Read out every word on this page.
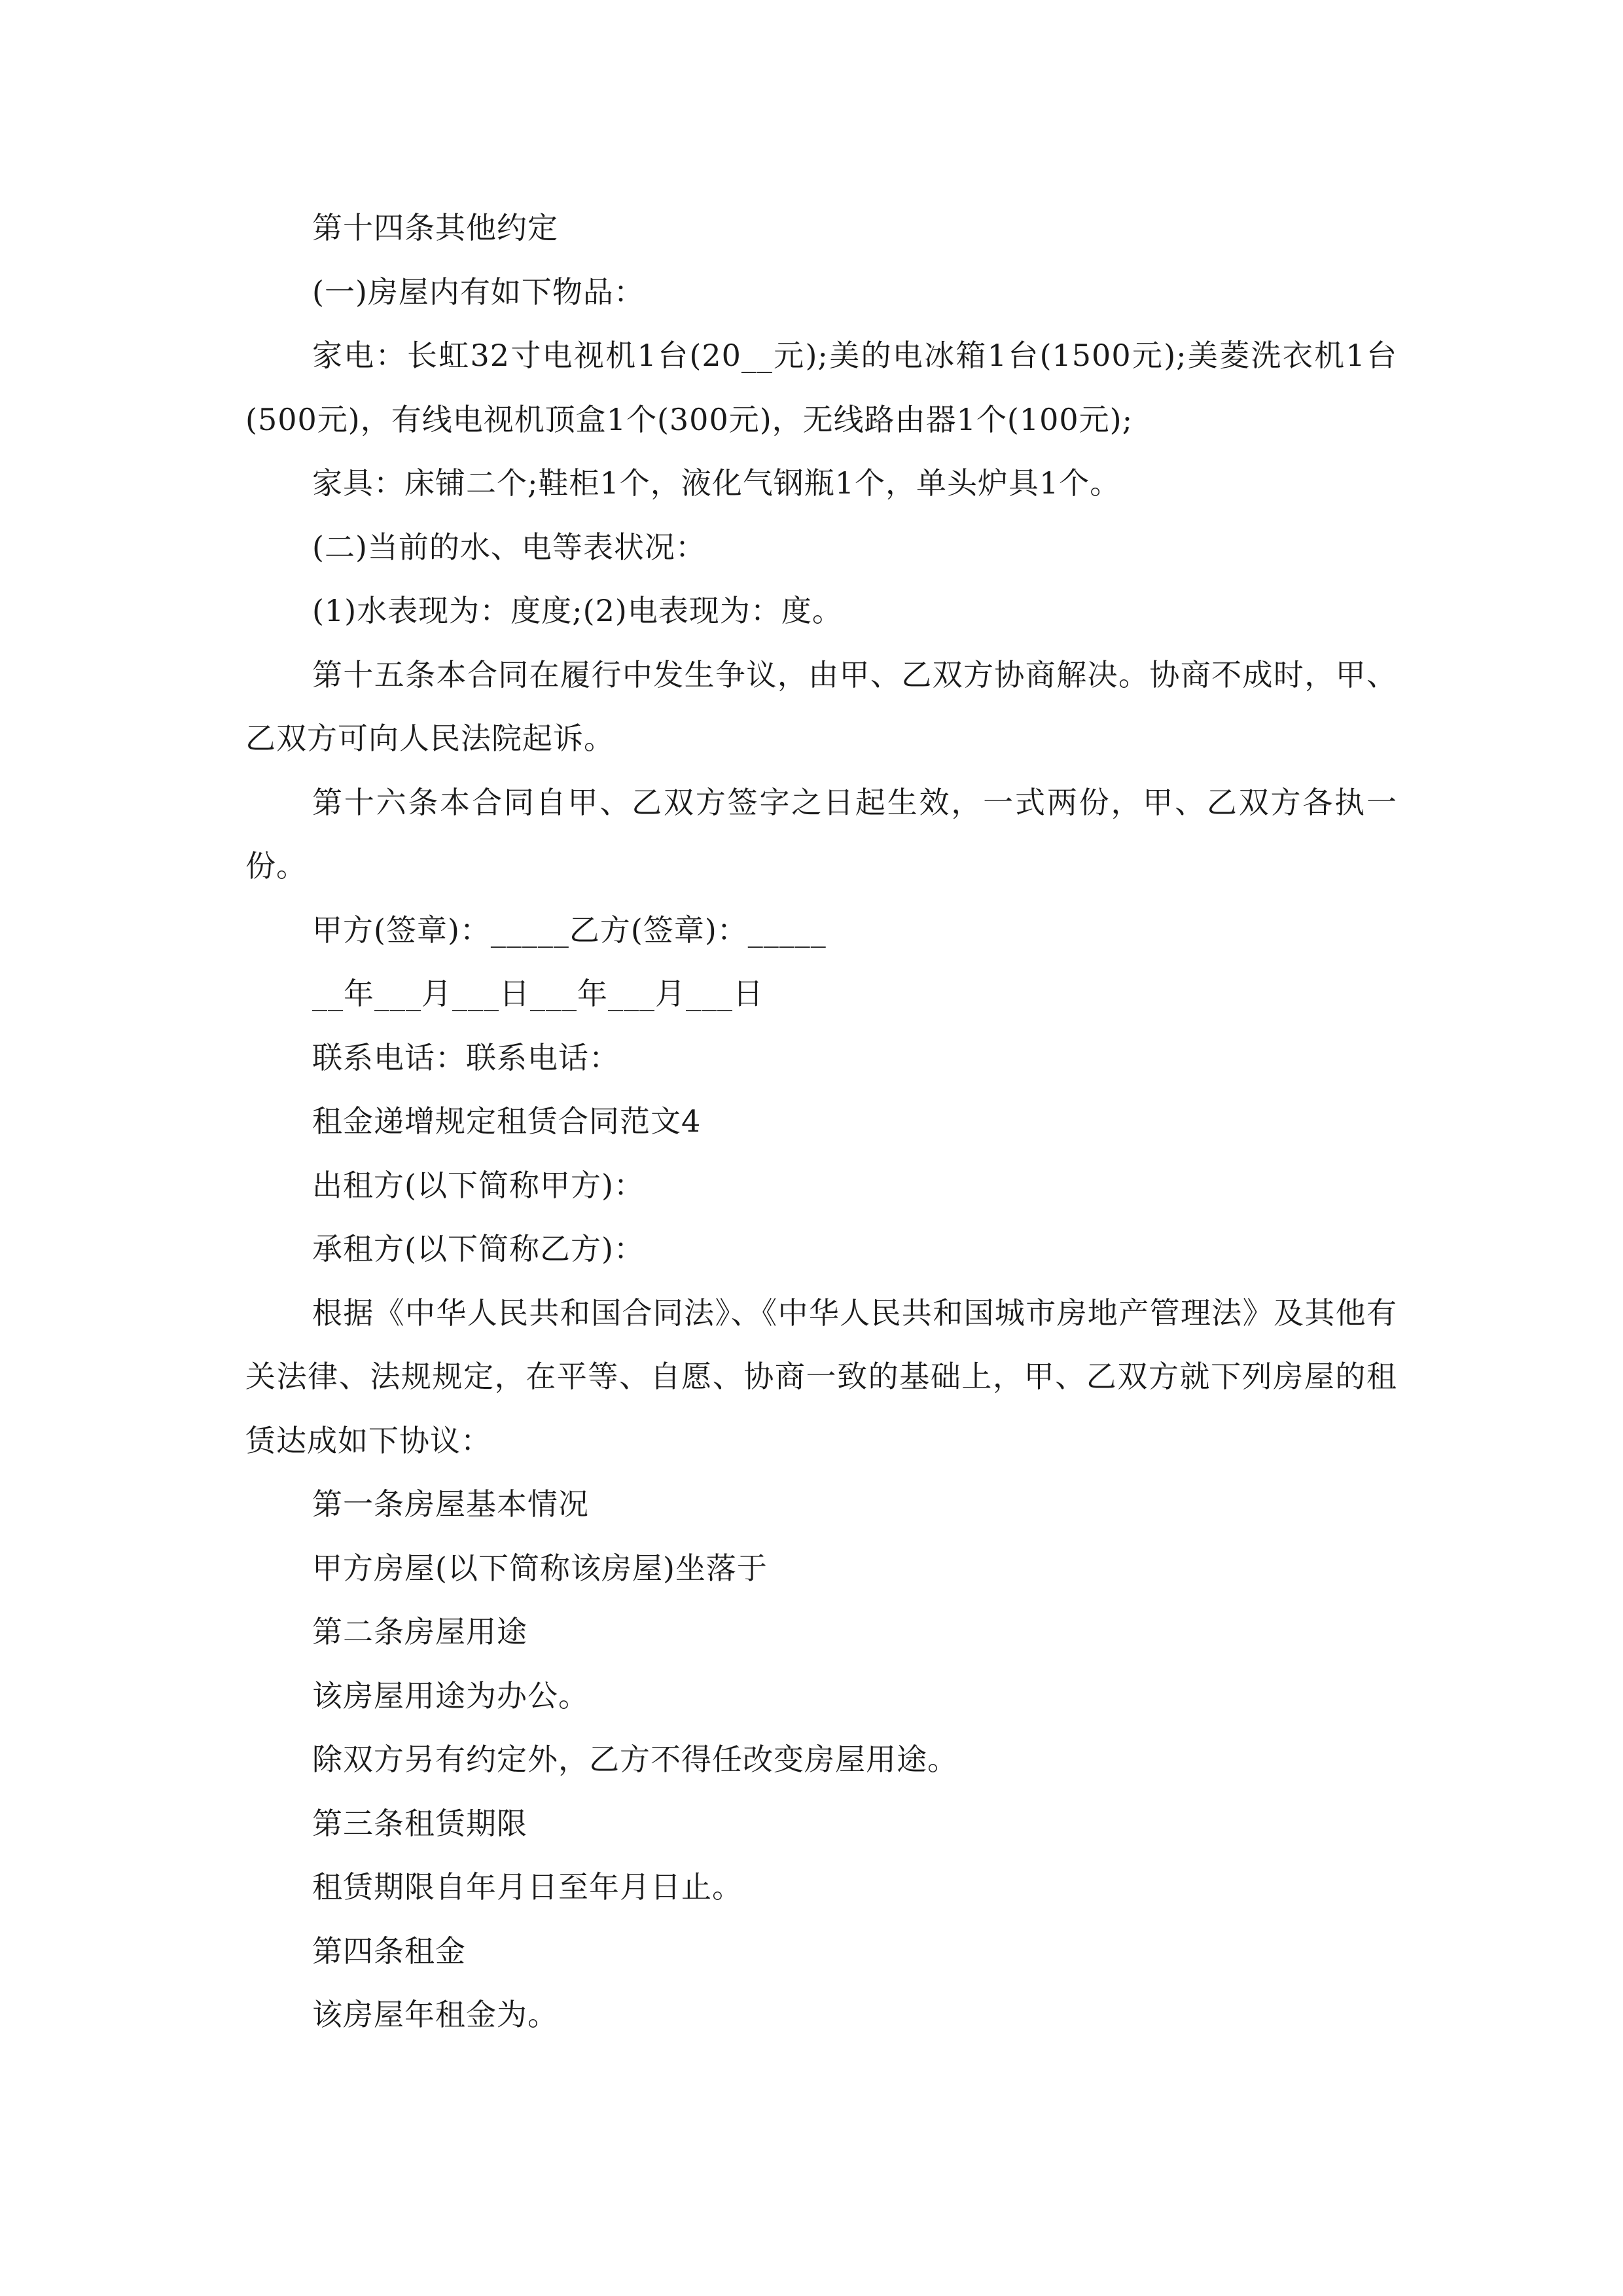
第十四条其他约定

(一)房屋内有如下物品：

家电：长虹32寸电视机1台(20__元);美的电冰箱1台(1500元);美菱洗衣机1台(500元)，有线电视机顶盒1个(300元)，无线路由器1个(100元);

家具：床铺二个;鞋柜1个，液化气钢瓶1个，单头炉具1个。

(二)当前的水、电等表状况：

(1)水表现为：度度;(2)电表现为：度。

第十五条本合同在履行中发生争议，由甲、乙双方协商解决。协商不成时，甲、乙双方可向人民法院起诉。

第十六条本合同自甲、乙双方签字之日起生效，一式两份，甲、乙双方各执一份。

甲方(签章)：_____乙方(签章)：_____

__年___月___日___年___月___日

联系电话：联系电话：

租金递增规定租赁合同范文4

出租方(以下简称甲方)：

承租方(以下简称乙方)：

根据《中华人民共和国合同法》、《中华人民共和国城市房地产管理法》及其他有关法律、法规规定，在平等、自愿、协商一致的基础上，甲、乙双方就下列房屋的租赁达成如下协议：

第一条房屋基本情况

甲方房屋(以下简称该房屋)坐落于

第二条房屋用途

该房屋用途为办公。

除双方另有约定外，乙方不得任改变房屋用途。

第三条租赁期限

租赁期限自年月日至年月日止。

第四条租金

该房屋年租金为。
